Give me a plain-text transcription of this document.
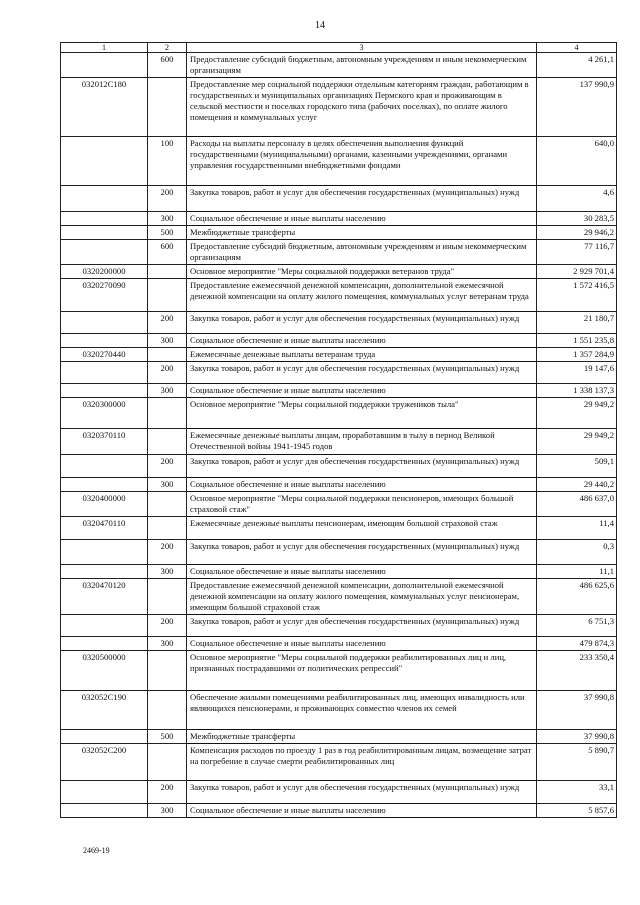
14
1	2	3	4
	600	Предоставление субсидий бюджетным, автономным учреждениям и иным некоммерческим организациям	4 261,1
032012С180		Предоставление мер социальной поддержки отдельным категориям граждан, работающим в государственных и муниципальных организациях Пермского края и проживающим в сельской местности и поселках городского типа (рабочих поселках), по оплате жилого помещения и коммунальных услуг	137 990,9
	100	Расходы на выплаты персоналу в целях обеспечения выполнения функций государственными (муниципальными) органами, казенными учреждениями, органами управления государственными внебюджетными фондами	640,0
	200	Закупка товаров, работ и услуг для обеспечения государственных (муниципальных) нужд	4,6
	300	Социальное обеспечение и иные выплаты населению	30 283,5
	500	Межбюджетные трансферты	29 946,2
	600	Предоставление субсидий бюджетным, автономным учреждениям и иным некоммерческим организациям	77 116,7
0320200000		Основное мероприятие "Меры социальной поддержки ветеранов труда"	2 929 701,4
0320270090		Предоставление ежемесячной денежной компенсации, дополнительной ежемесячной денежной компенсации на оплату жилого помещения, коммунальных услуг ветеранам труда	1 572 416,5
	200	Закупка товаров, работ и услуг для обеспечения государственных (муниципальных) нужд	21 180,7
	300	Социальное обеспечение и иные выплаты населению	1 551 235,8
0320270440		Ежемесячные денежные выплаты ветеранам труда	1 357 284,9
	200	Закупка товаров, работ и услуг для обеспечения государственных (муниципальных) нужд	19 147,6
	300	Социальное обеспечение и иные выплаты населению	1 338 137,3
0320300000		Основное мероприятие "Меры социальной поддержки тружеников тыла"	29 949,2
0320370110		Ежемесячные денежные выплаты лицам, проработавшим в тылу в период Великой Отечественной войны 1941-1945 годов	29 949,2
	200	Закупка товаров, работ и услуг для обеспечения государственных (муниципальных) нужд	509,1
	300	Социальное обеспечение и иные выплаты населению	29 440,2
0320400000		Основное мероприятие "Меры социальной поддержки пенсионеров, имеющих большой страховой стаж"	486 637,0
0320470110		Ежемесячные денежные выплаты пенсионерам, имеющим большой страховой стаж	11,4
	200	Закупка товаров, работ и услуг для обеспечения государственных (муниципальных) нужд	0,3
	300	Социальное обеспечение и иные выплаты населению	11,1
0320470120		Предоставление ежемесячной денежной компенсации, дополнительной ежемесячной денежной компенсации на оплату жилого помещения, коммунальных услуг пенсионерам, имеющим большой страховой стаж	486 625,6
	200	Закупка товаров, работ и услуг для обеспечения государственных (муниципальных) нужд	6 751,3
	300	Социальное обеспечение и иные выплаты населению	479 874,3
0320500000		Основное мероприятие "Меры социальной поддержки реабилитированных лиц и лиц, признанных пострадавшими от политических репрессий"	233 350,4
032052С190		Обеспечение жилыми помещениями реабилитированных лиц, имеющих инвалидность или являющихся пенсионерами, и проживающих совместно членов их семей	37 990,8
	500	Межбюджетные трансферты	37 990,8
032052С200		Компенсация расходов по проезду 1 раз в год реабилитированным лицам, возмещение затрат на погребение в случае смерти реабилитированных лиц	5 890,7
	200	Закупка товаров, работ и услуг для обеспечения государственных (муниципальных) нужд	33,1
	300	Социальное обеспечение и иные выплаты населению	5 857,6
2469-19
